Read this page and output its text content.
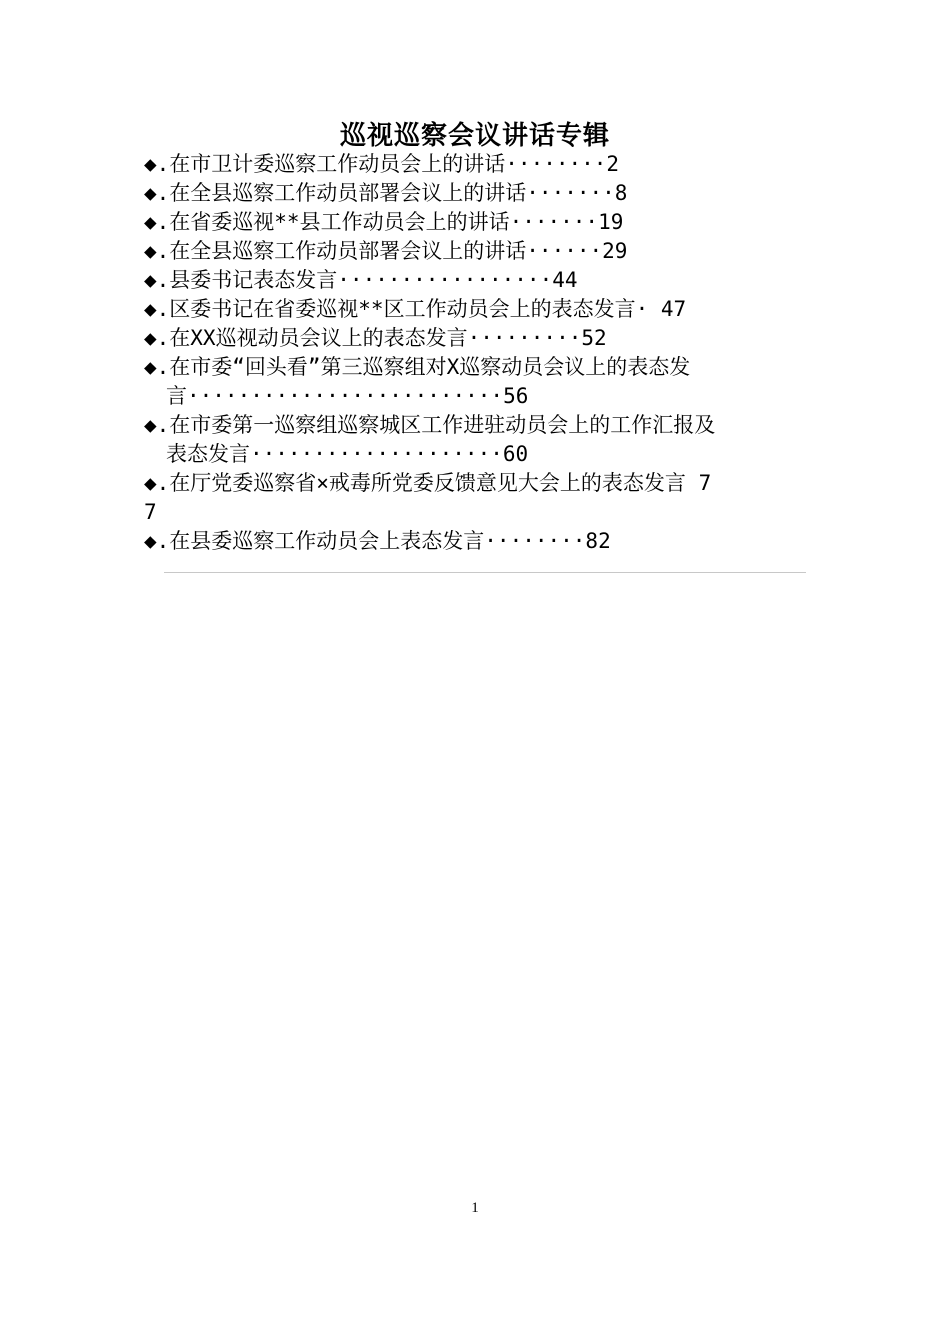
巡视巡察会议讲话专辑
◆.在市卫计委巡察工作动员会上的讲话········2
◆.在全县巡察工作动员部署会议上的讲话·······8
◆.在省委巡视**县工作动员会上的讲话·······19
◆.在全县巡察工作动员部署会议上的讲话······29
◆.县委书记表态发言·················44
◆.区委书记在省委巡视**区工作动员会上的表态发言· 47
◆.在XX巡视动员会议上的表态发言·········52
◆.在市委“回头看”第三巡察组对X巡察动员会议上的表态发
言·························56
◆.在市委第一巡察组巡察城区工作进驻动员会上的工作汇报及
表态发言····················60
◆.在厅党委巡察省×戒毒所党委反馈意见大会上的表态发言 7
7
◆.在县委巡察工作动员会上表态发言········82
1
